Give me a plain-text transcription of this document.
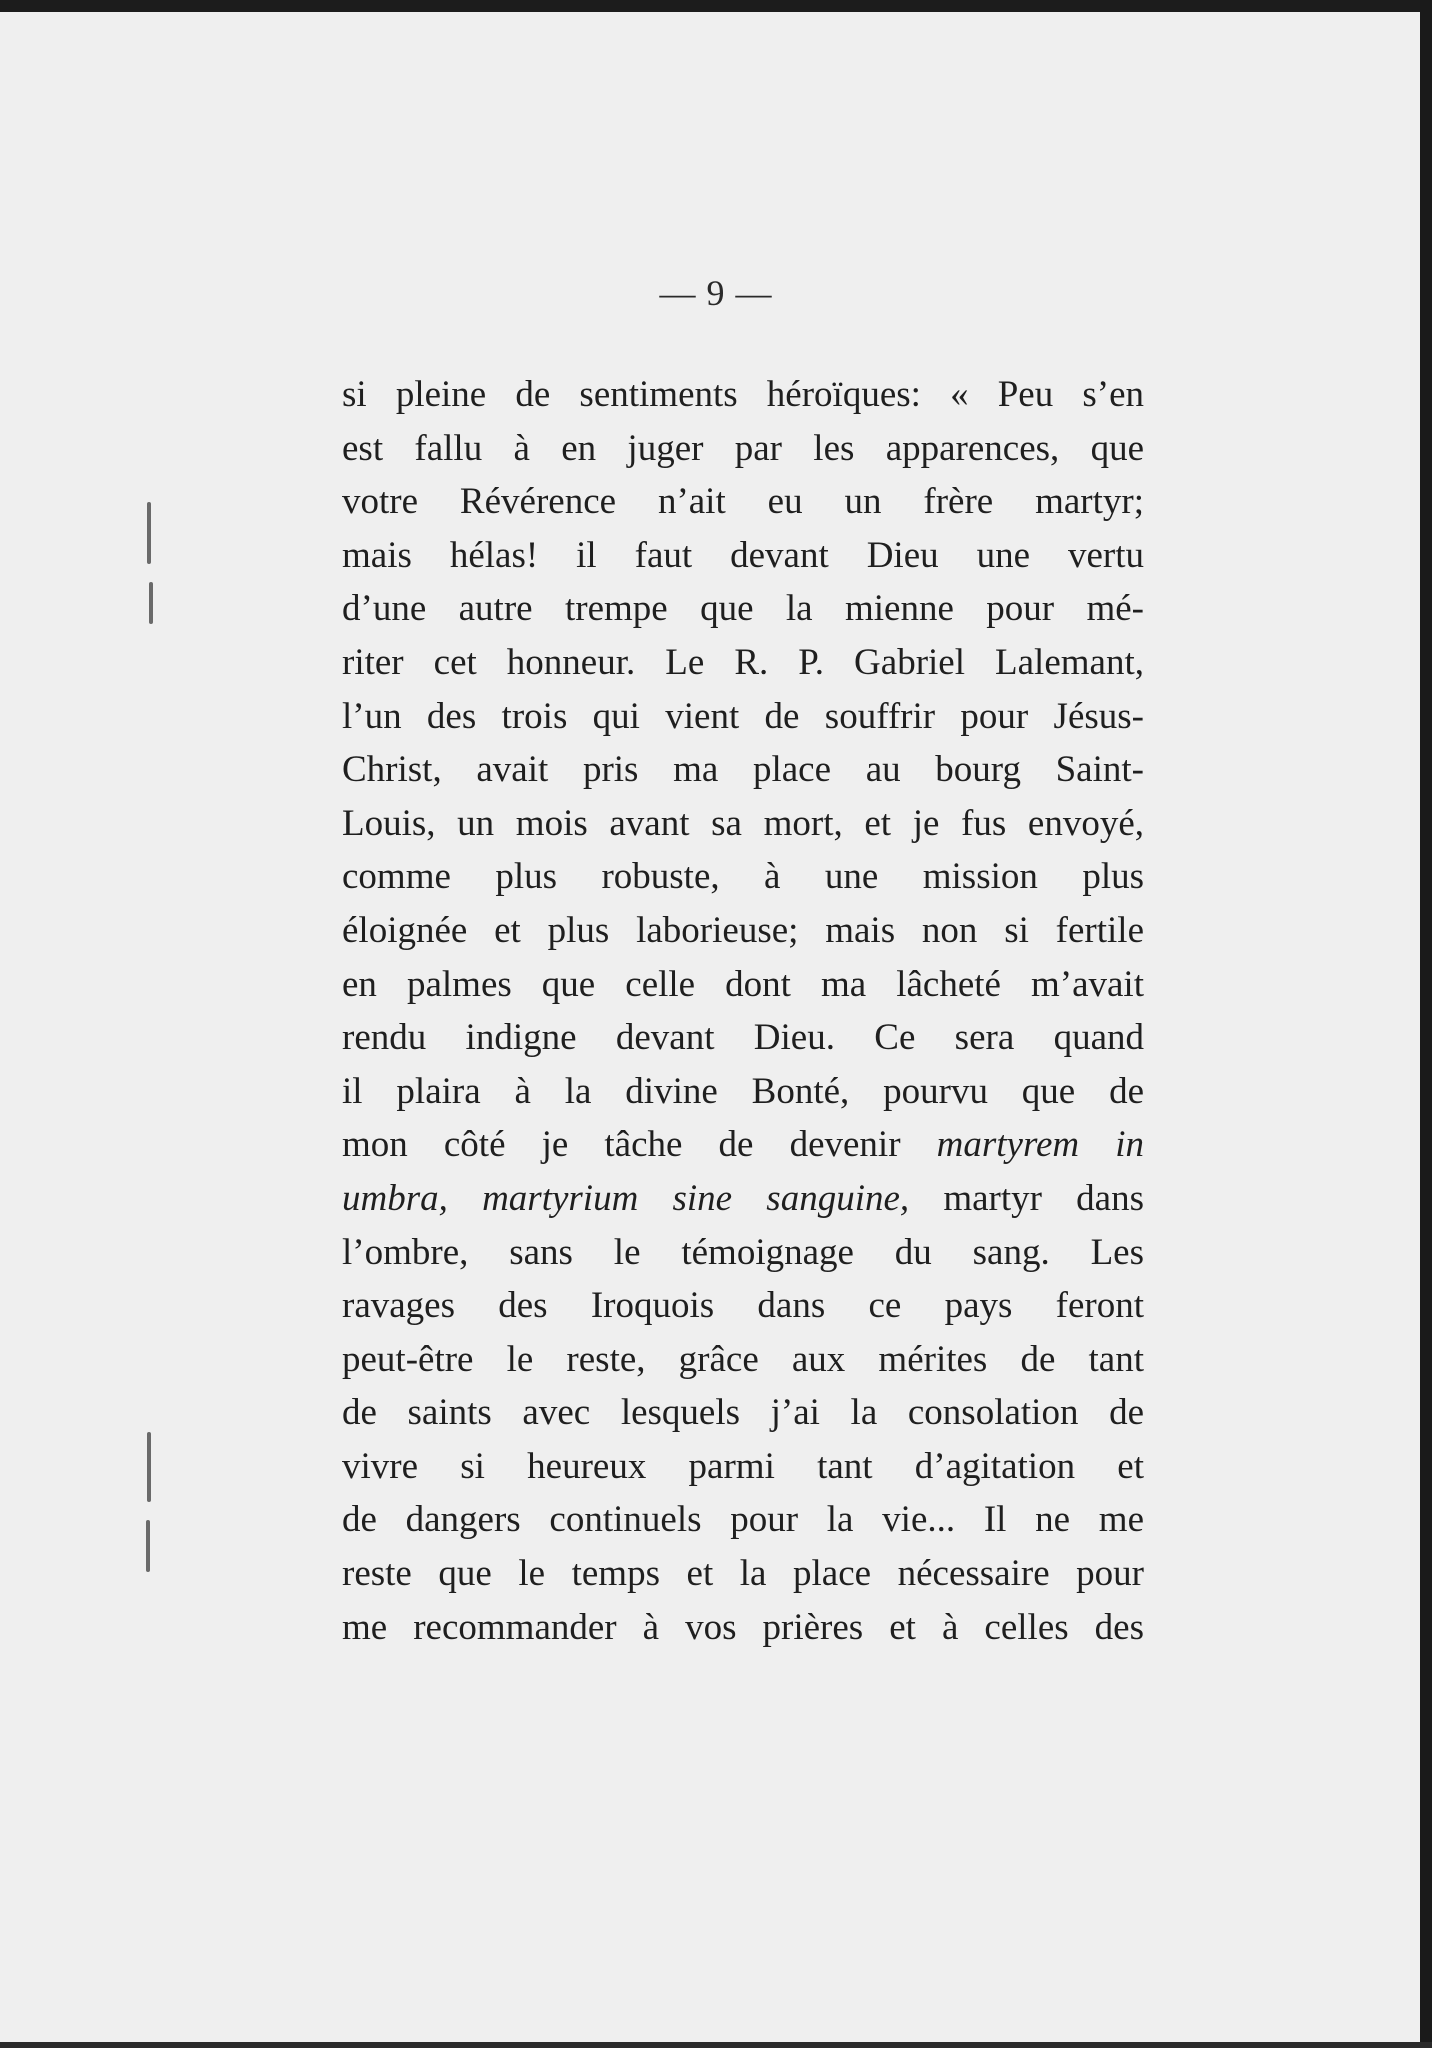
— 9 —
si pleine de sentiments héroïques: « Peu s’en
est fallu à en juger par les apparences, que
votre Révérence n’ait eu un frère martyr;
mais hélas! il faut devant Dieu une vertu
d’une autre trempe que la mienne pour mé-
riter cet honneur. Le R. P. Gabriel Lalemant,
l’un des trois qui vient de souffrir pour Jésus-
Christ, avait pris ma place au bourg Saint-
Louis, un mois avant sa mort, et je fus envoyé,
comme plus robuste, à une mission plus
éloignée et plus laborieuse; mais non si fertile
en palmes que celle dont ma lâcheté m’avait
rendu indigne devant Dieu. Ce sera quand
il plaira à la divine Bonté, pourvu que de
mon côté je tâche de devenir martyrem in
umbra, martyrium sine sanguine, martyr dans
l’ombre, sans le témoignage du sang. Les
ravages des Iroquois dans ce pays feront
peut-être le reste, grâce aux mérites de tant
de saints avec lesquels j’ai la consolation de
vivre si heureux parmi tant d’agitation et
de dangers continuels pour la vie... Il ne me
reste que le temps et la place nécessaire pour
me recommander à vos prières et à celles des
